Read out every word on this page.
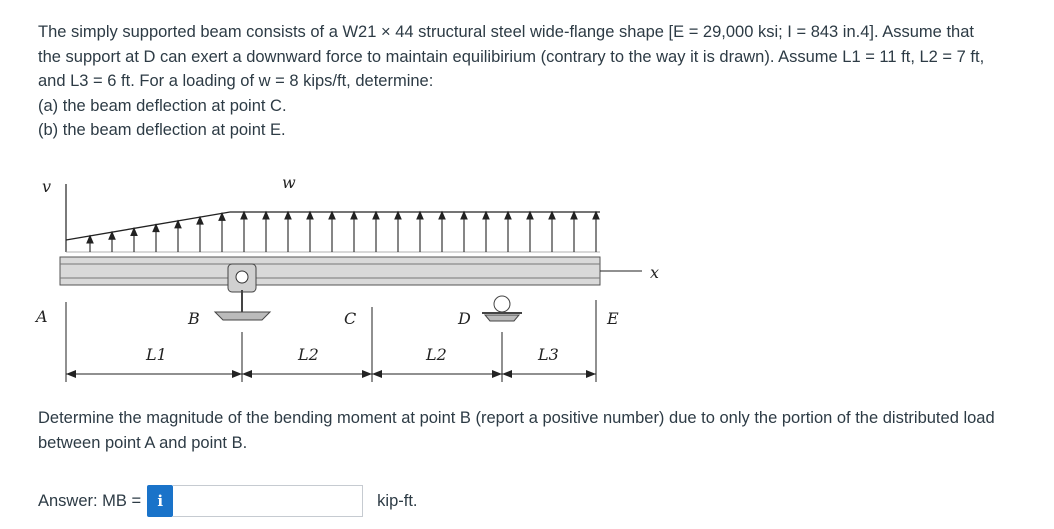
The simply supported beam consists of a W21 × 44 structural steel wide-flange shape [E = 29,000 ksi; I = 843 in.4]. Assume that

the support at D can exert a downward force to maintain equilibirium (contrary to the way it is drawn). Assume L1 = 11 ft, L2 = 7 ft,

and L3 = 6 ft. For a loading of w = 8 kips/ft, determine:

(a) the beam deflection at point C.

(b) the beam deflection at point E.

v	w
x
A	B	C	D	E
L1	L2	L2	L3

Determine the magnitude of the bending moment at point B (report a positive number) due to only the portion of the distributed load between point A and point B.

Answer: MB =	i	kip-ft.
